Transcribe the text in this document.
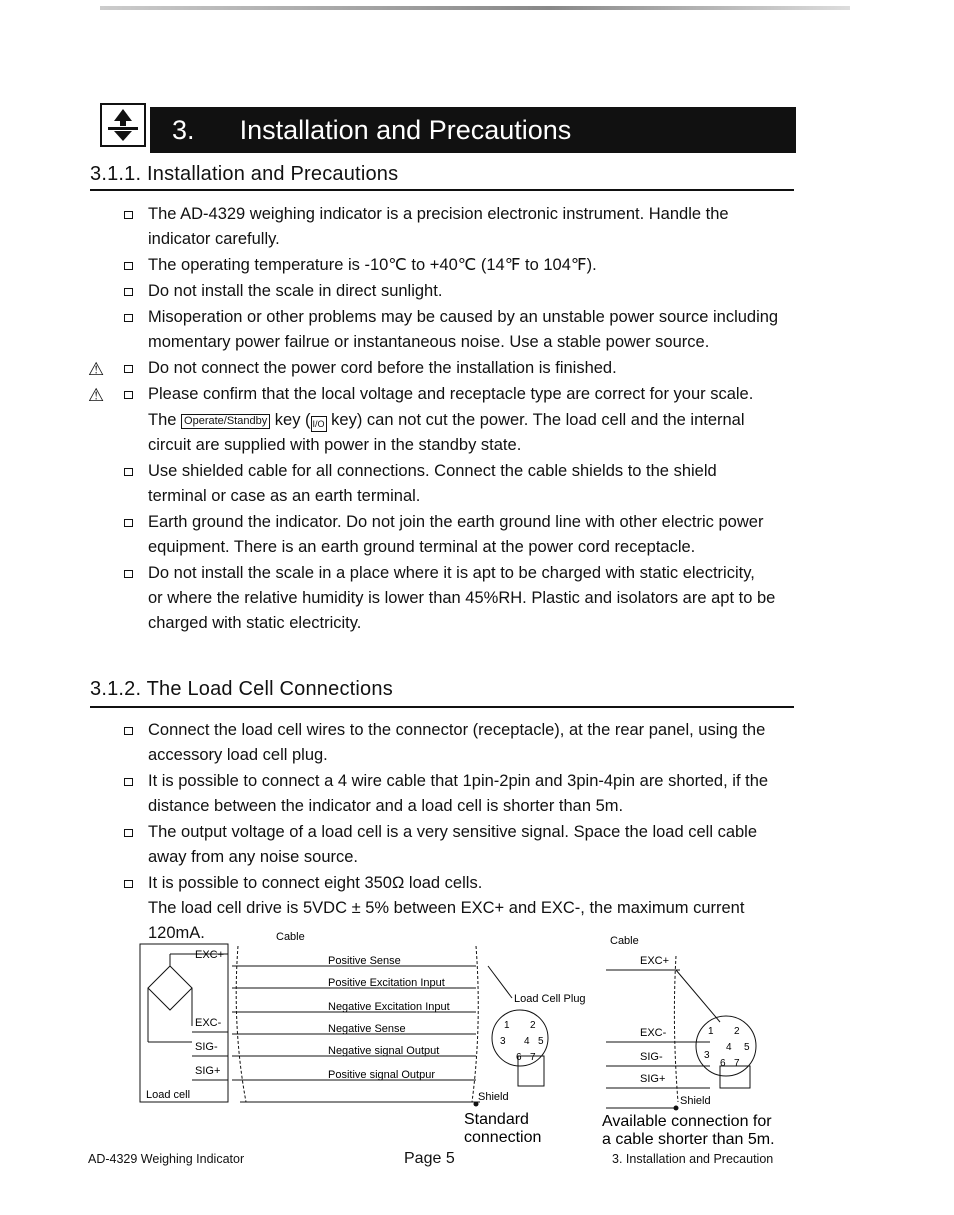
3. Installation and Precautions
3.1.1. Installation and Precautions
The AD-4329 weighing indicator is a precision electronic instrument. Handle the
indicator carefully.
The operating temperature is -10℃ to +40℃ (14℉ to 104℉).
Do not install the scale in direct sunlight.
Misoperation or other problems may be caused by an unstable power source including
momentary power failrue or instantaneous noise. Use a stable power source.
⚠	Do not connect the power cord before the installation is finished.
⚠	Please confirm that the local voltage and receptacle type are correct for your scale.
The Operate/Standby key ( I/O key) can not cut the power. The load cell and the internal
circuit are supplied with power in the standby state.
Use shielded cable for all connections. Connect the cable shields to the shield
terminal or case as an earth terminal.
Earth ground the indicator. Do not join the earth ground line with other electric power
equipment. There is an earth ground terminal at the power cord receptacle.
Do not install the scale in a place where it is apt to be charged with static electricity,
or where the relative humidity is lower than 45%RH. Plastic and isolators are apt to be
charged with static electricity.
3.1.2. The Load Cell Connections
Connect the load cell wires to the connector (receptacle), at the rear panel, using the
accessory load cell plug.
It is possible to connect a 4 wire cable that 1pin-2pin and 3pin-4pin are shorted, if the
distance between the indicator and a load cell is shorter than 5m.
The output voltage of a load cell is a very sensitive signal. Space the load cell cable
away from any noise source.
It is possible to connect eight 350Ω load cells.
The load cell drive is 5VDC ± 5% between EXC+ and EXC-, the maximum current 120mA.
Load cell
EXC+
EXC-
SIG-
SIG+
Cable
Positive Sense
Positive Excitation Input
Negative Excitation Input
Negative Sense
Negative signal Output
Positive signal Outpur
Load Cell Plug
1 2
3 4 5
6 7
Shield
Standard
connection
Cable
EXC+
EXC-
SIG-
SIG+
1 2
3
4 5
6 7
Shield
Available connection for
a cable shorter than 5m.
AD-4329 Weighing Indicator	Page 5	3. Installation and Precaution
